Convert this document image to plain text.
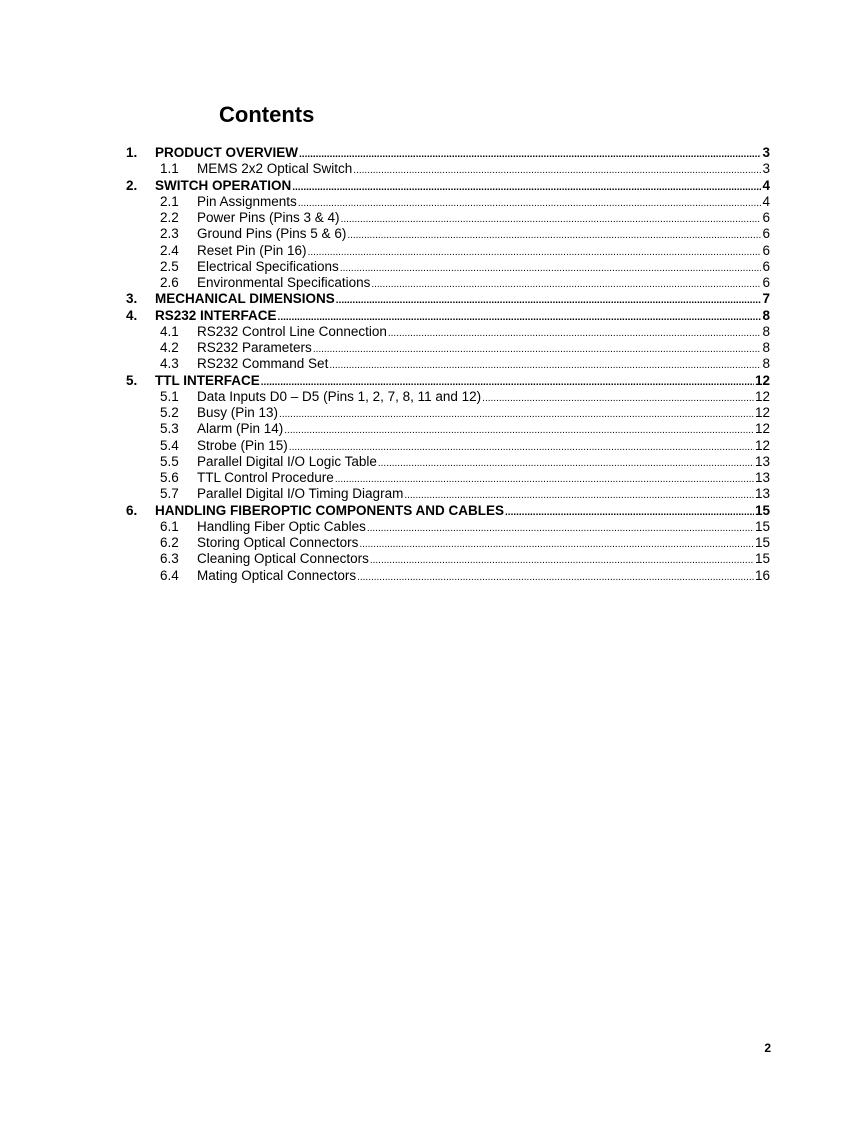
Contents
1.	PRODUCT OVERVIEW .....	3
1.1	MEMS 2x2 Optical Switch .....	3
2.	SWITCH OPERATION .....	4
2.1	Pin Assignments .....	4
2.2	Power Pins (Pins 3 & 4) .....	6
2.3	Ground Pins (Pins 5 & 6) .....	6
2.4	Reset Pin (Pin 16) .....	6
2.5	Electrical Specifications .....	6
2.6	Environmental Specifications .....	6
3.	MECHANICAL DIMENSIONS .....	7
4.	RS232 INTERFACE .....	8
4.1	RS232 Control Line Connection .....	8
4.2	RS232 Parameters .....	8
4.3	RS232 Command Set .....	8
5.	TTL INTERFACE .....	12
5.1	Data Inputs D0 – D5 (Pins 1, 2, 7, 8, 11 and 12) .....	12
5.2	Busy (Pin 13) .....	12
5.3	Alarm (Pin 14) .....	12
5.4	Strobe (Pin 15) .....	12
5.5	Parallel Digital I/O Logic Table .....	13
5.6	TTL Control Procedure .....	13
5.7	Parallel Digital I/O Timing Diagram .....	13
6.	HANDLING FIBEROPTIC COMPONENTS AND CABLES .....	15
6.1	Handling Fiber Optic Cables .....	15
6.2	Storing Optical Connectors .....	15
6.3	Cleaning Optical Connectors .....	15
6.4	Mating Optical Connectors .....	16
2
